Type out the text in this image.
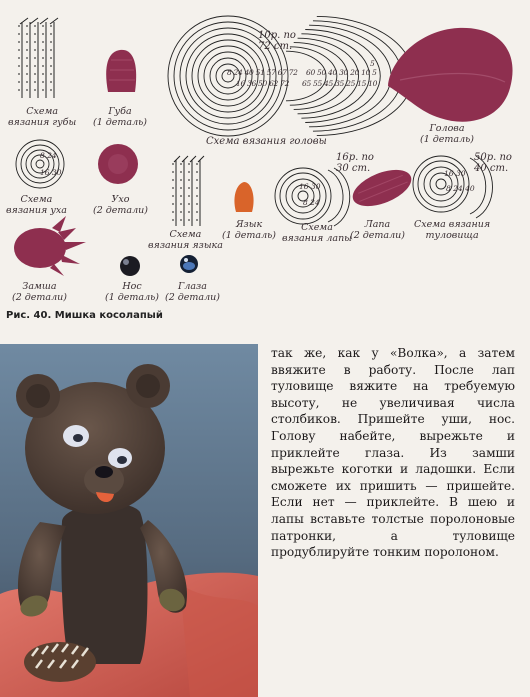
Схема
вязания губы
Губа
(1 деталь)
10р. по
72 ст.
8 24 40 51 57 67 72
16 36 50 62 72
60 50 40 30 20 10 5
65 55 45 35 25 15 10
5
Схема вязания головы
Голова
(1 деталь)
8 24
16 30
Схема
вязания уха
Ухо
(2 детали)
Схема
вязания языка
Язык
(1 деталь)
16р. по
30 ст.
16 30
8 24
Схема
вязания лапы
Лапа
(2 детали)
50р. по
40 ст.
16 30
8 24 40
Схема вязания
туловища
Замша
(2 детали)
Нос
(1 деталь)
Глаза
(2 детали)
Рис. 40. Мишка косолапый

так же, как у «Волка», а затем ввяжите в работу. После лап туловище вяжите на требуемую высоту, не увеличивая числа столбиков. Пришейте уши, нос. Голову набейте, вырежьте и приклейте глаза. Из замши вырежьте коготки и ладошки. Если сможете их пришить — пришейте. Если нет — приклейте. В шею и лапы вставьте толстые поролоновые патронки, а туловище продублируйте тонким поролоном.
